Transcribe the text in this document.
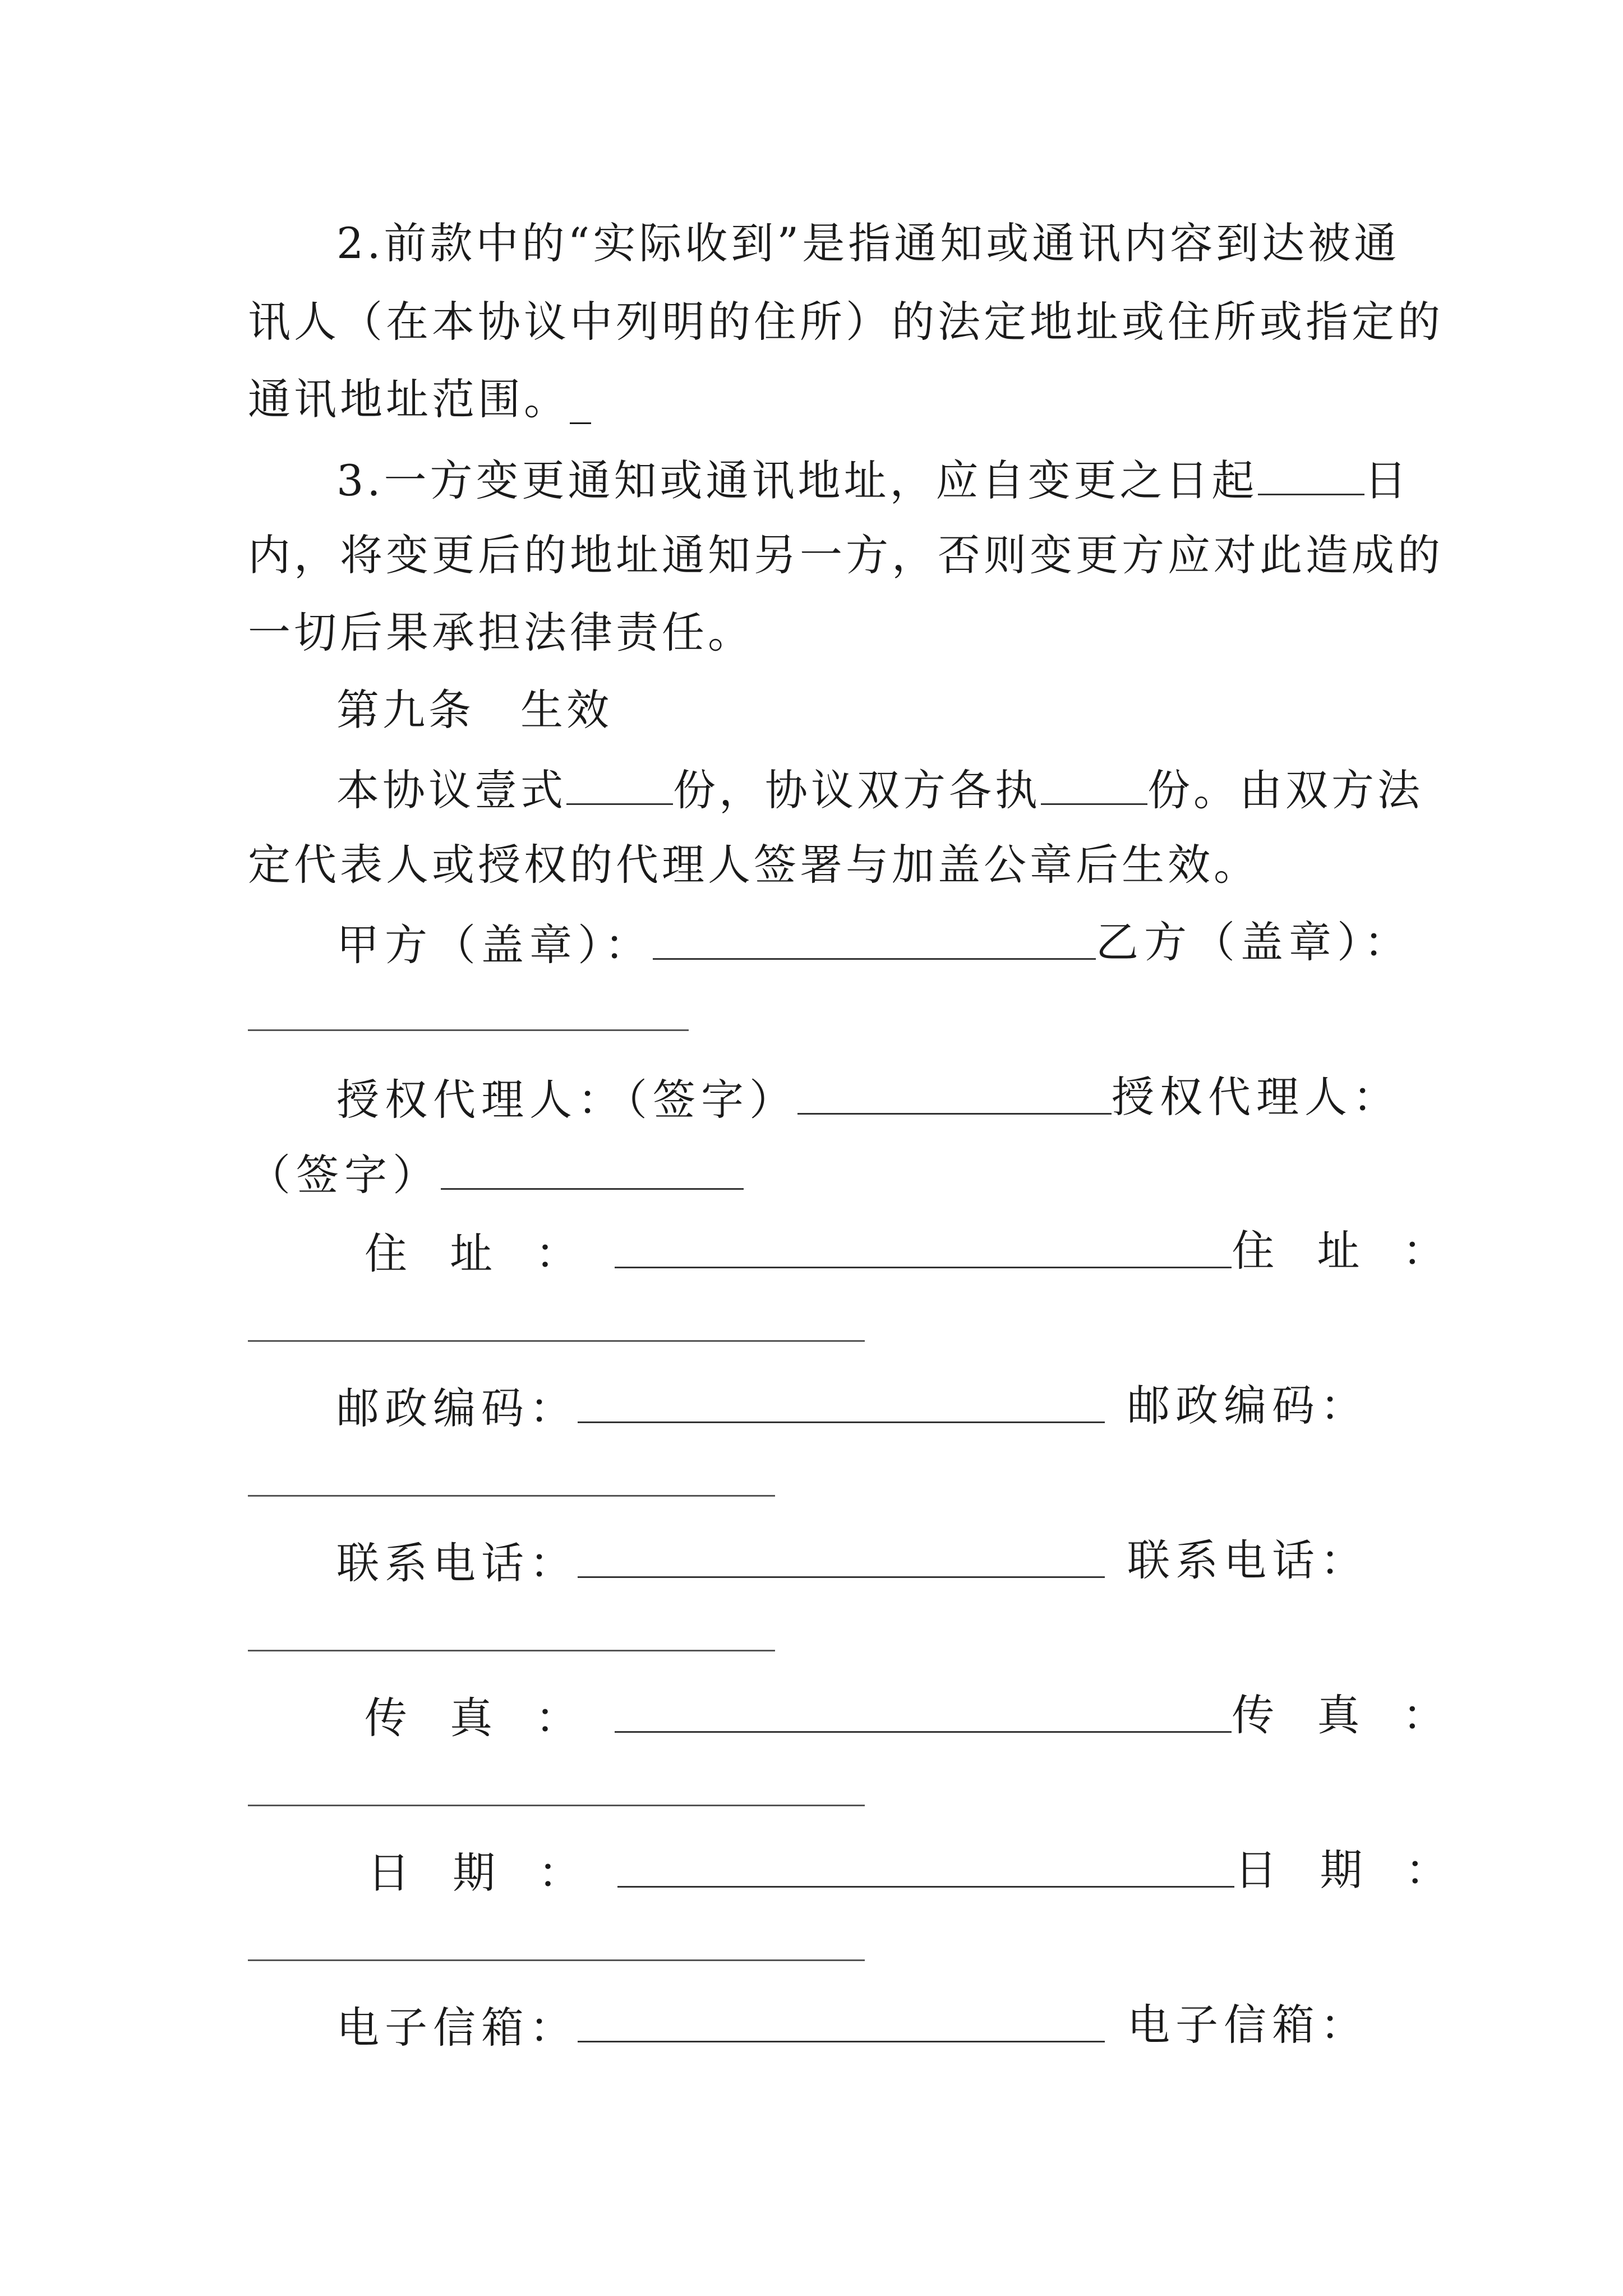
2.前款中的“实际收到”是指通知或通讯内容到达被通
讯人（在本协议中列明的住所）的法定地址或住所或指定的
通讯地址范围。_
3.一方变更通知或通讯地址，应自变更之日起	日
内，将变更后的地址通知另一方，否则变更方应对此造成的
一切后果承担法律责任。
第九条　生效
本协议壹式	份，协议双方各执	份。由双方法
定代表人或授权的代理人签署与加盖公章后生效。
甲方（盖章）：	乙方（盖章）：
授权代理人：（签字）	授权代理人：
（签字）
住 址 ：	住 址 ：
邮政编码：	邮政编码：
联系电话：	联系电话：
传 真 ：	传 真 ：
日 期 ：	日 期 ：
电子信箱：	电子信箱：
